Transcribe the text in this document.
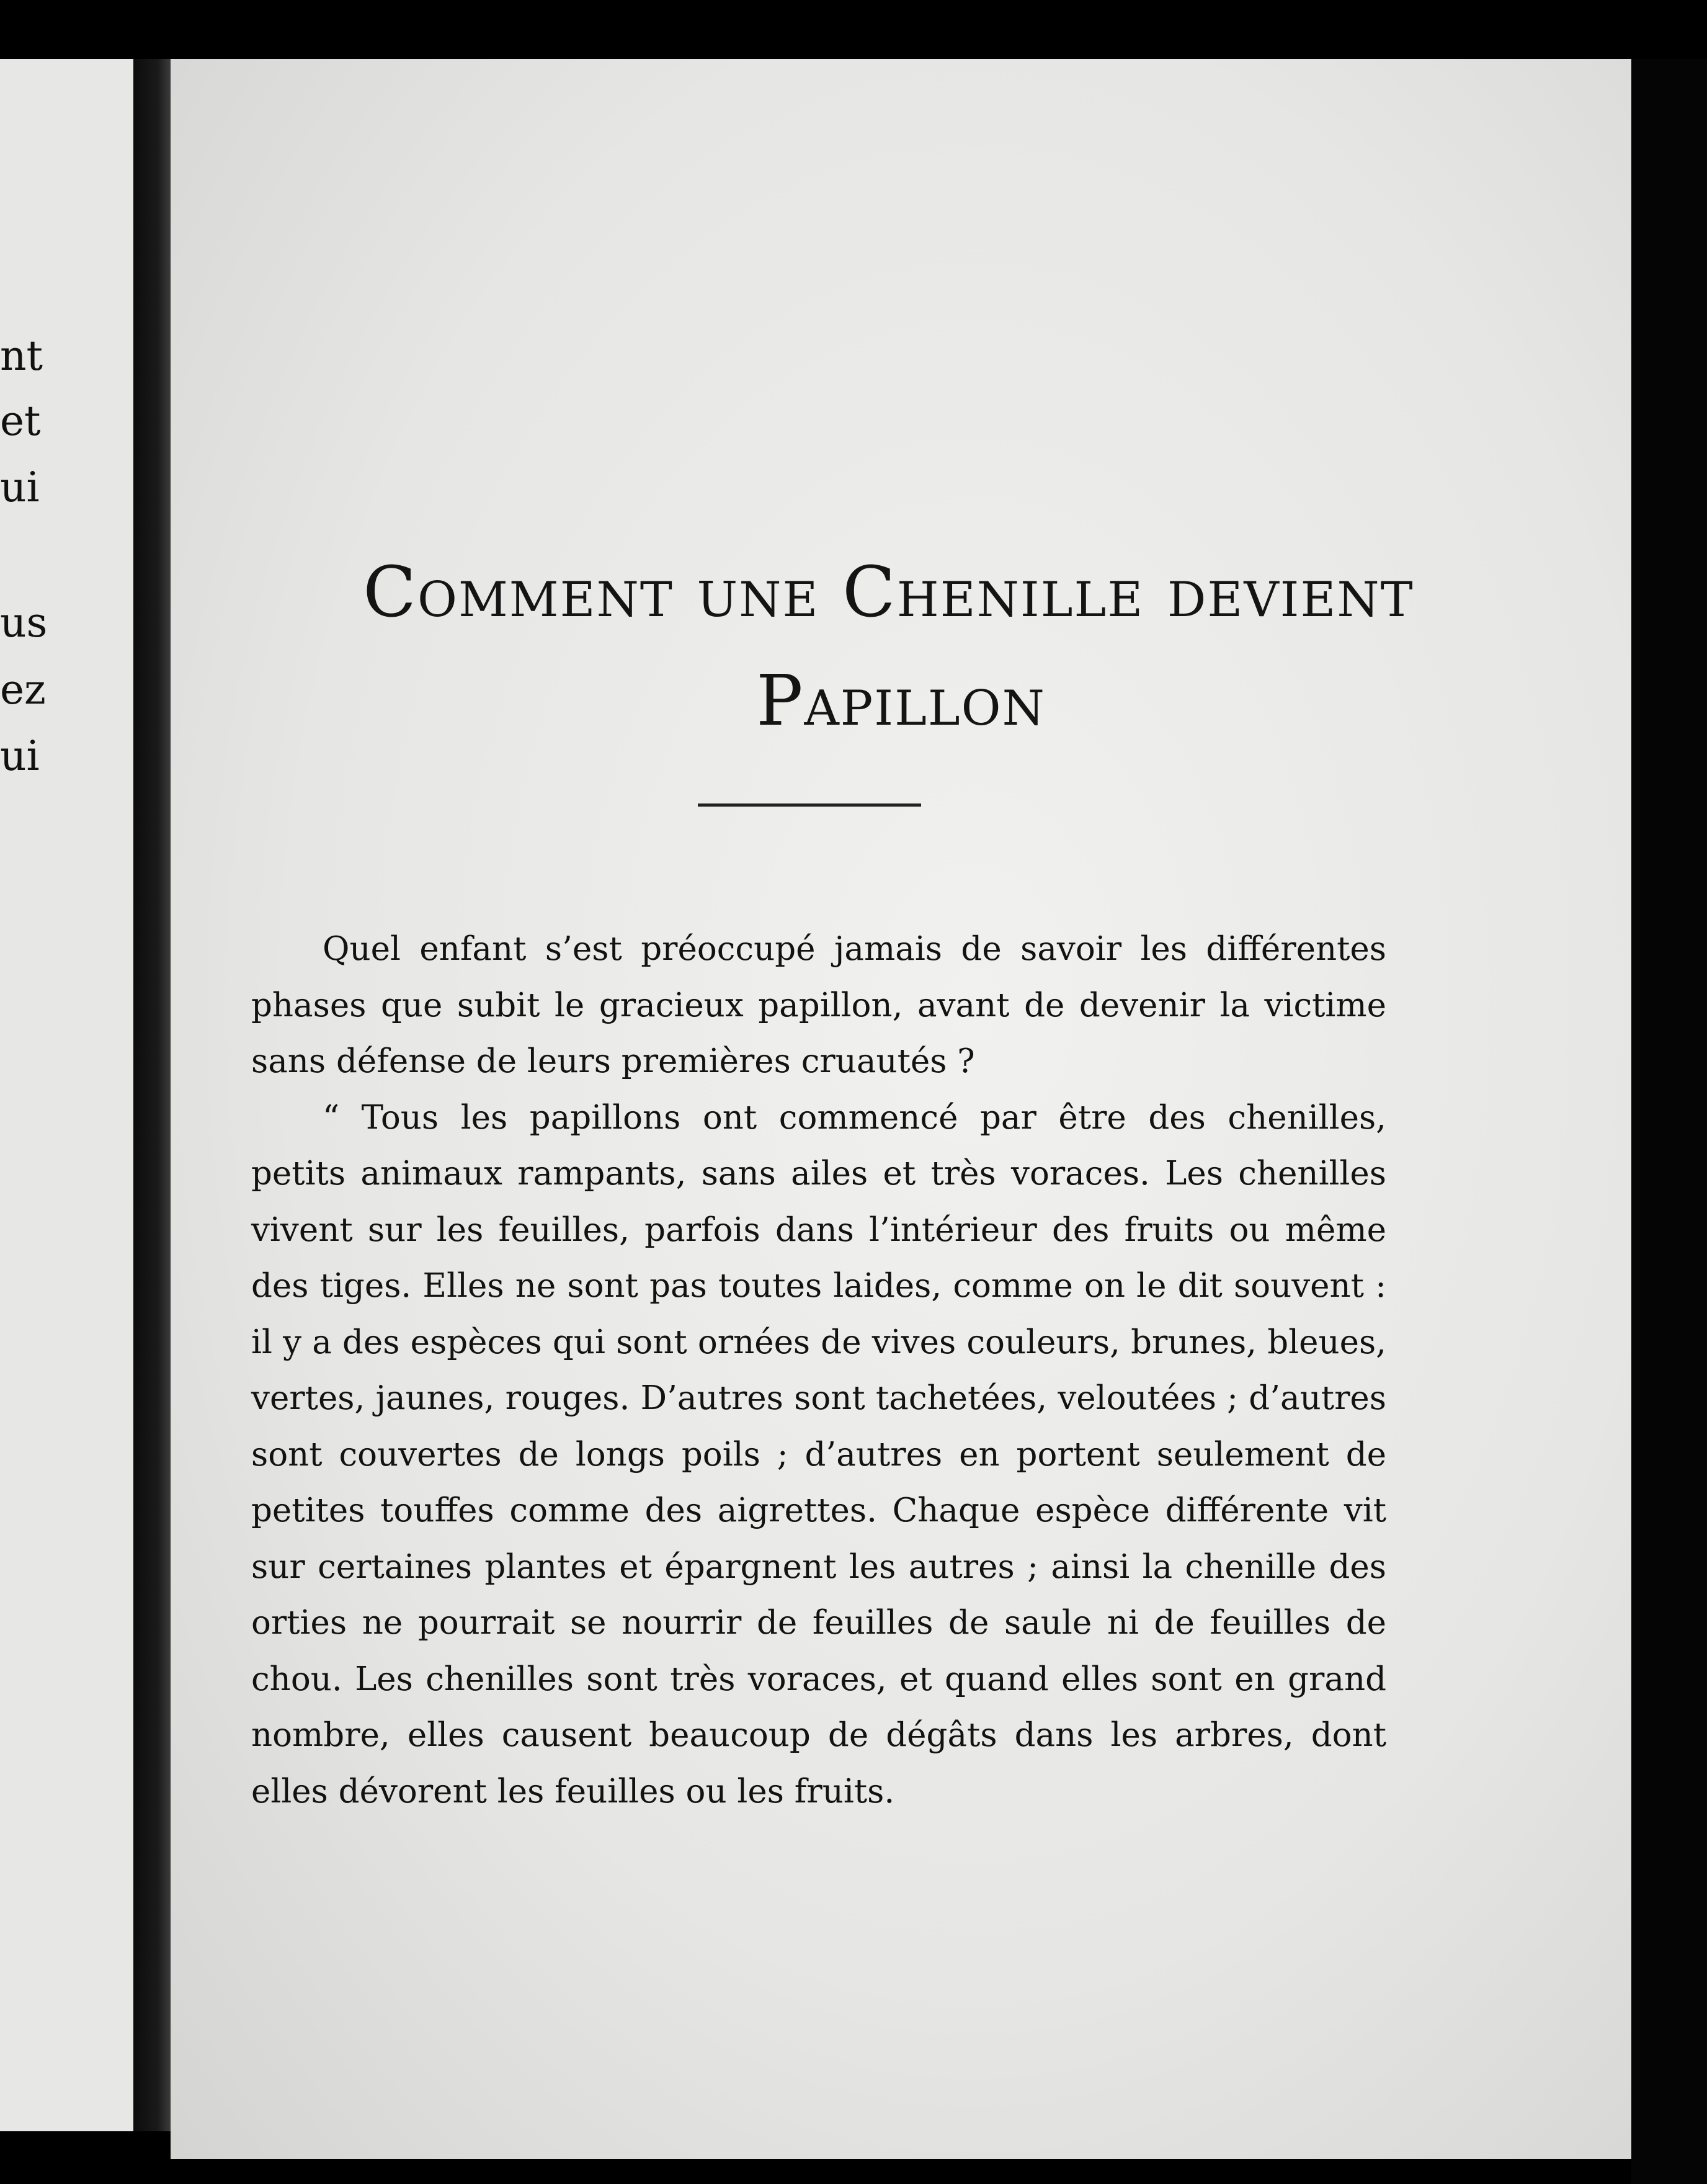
nt
et
ui
us
ez
ui
Comment une Chenille devient
Papillon

Quel enfant s’est préoccupé jamais de savoir les différentes phases que subit le gracieux papillon, avant de devenir la victime sans défense de leurs premières cruautés ?

“ Tous les papillons ont commencé par être des chenilles, petits animaux rampants, sans ailes et très voraces. Les chenilles vivent sur les feuilles, parfois dans l’intérieur des fruits ou même des tiges. Elles ne sont pas toutes laides, comme on le dit souvent : il y a des espèces qui sont ornées de vives couleurs, brunes, bleues, vertes, jaunes, rouges. D’autres sont tachetées, veloutées ; d’autres sont couvertes de longs poils ; d’autres en portent seulement de petites touffes comme des aigrettes. Chaque espèce différente vit sur certaines plantes et épargnent les autres ; ainsi la chenille des orties ne pourrait se nourrir de feuilles de saule ni de feuilles de chou. Les chenilles sont très voraces, et quand elles sont en grand nombre, elles causent beaucoup de dégâts dans les arbres, dont elles dévorent les feuilles ou les fruits.
